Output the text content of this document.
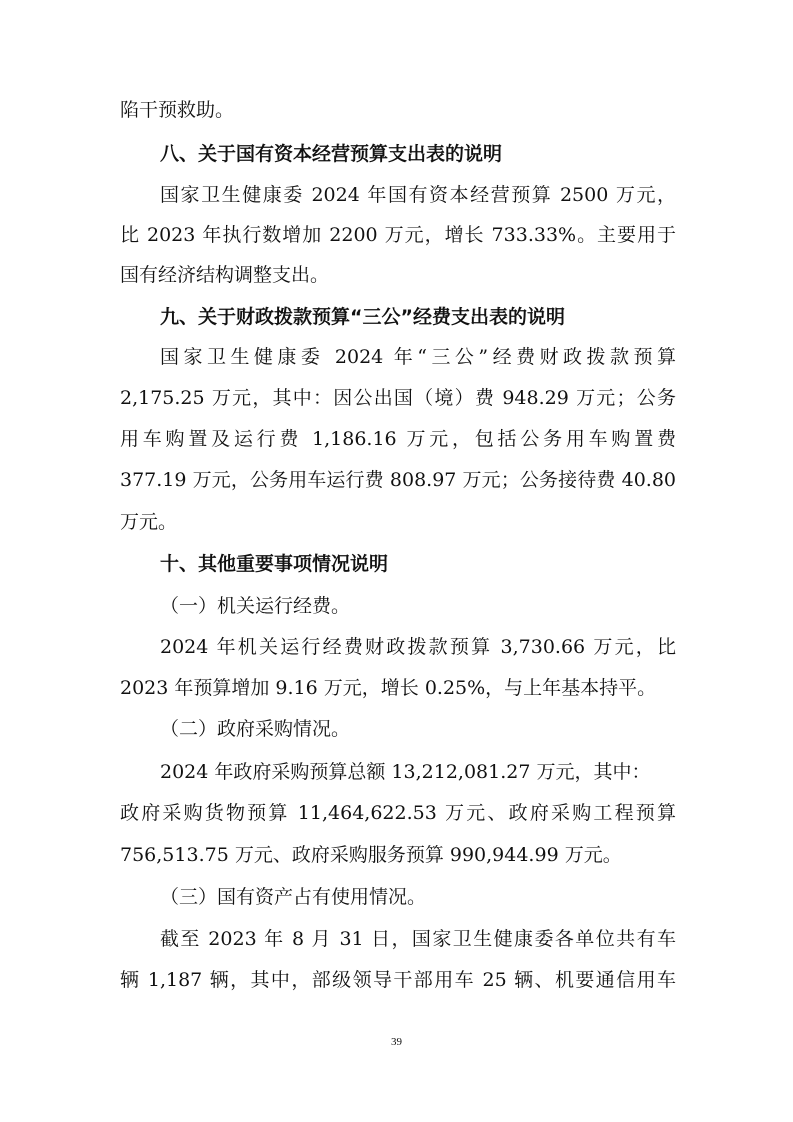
陷干预救助。
八、关于国有资本经营预算支出表的说明
国家卫生健康委 2024 年国有资本经营预算 2500 万元，
比 2023 年执行数增加 2200 万元，增长 733.33%。主要用于
国有经济结构调整支出。
九、关于财政拨款预算“三公”经费支出表的说明
国家卫生健康委 2024 年“三公”经费财政拨款预算
2,175.25 万元，其中：因公出国（境）费 948.29 万元；公务
用车购置及运行费 1,186.16 万元，包括公务用车购置费
377.19 万元，公务用车运行费 808.97 万元；公务接待费 40.80
万元。
十、其他重要事项情况说明
（一）机关运行经费。
2024 年机关运行经费财政拨款预算 3,730.66 万元，比
2023 年预算增加 9.16 万元，增长 0.25%，与上年基本持平。
（二）政府采购情况。
2024 年政府采购预算总额 13,212,081.27 万元，其中：
政府采购货物预算 11,464,622.53 万元、政府采购工程预算
756,513.75 万元、政府采购服务预算 990,944.99 万元。
（三）国有资产占有使用情况。
截至 2023 年 8 月 31 日，国家卫生健康委各单位共有车
辆 1,187 辆，其中，部级领导干部用车 25 辆、机要通信用车
39
